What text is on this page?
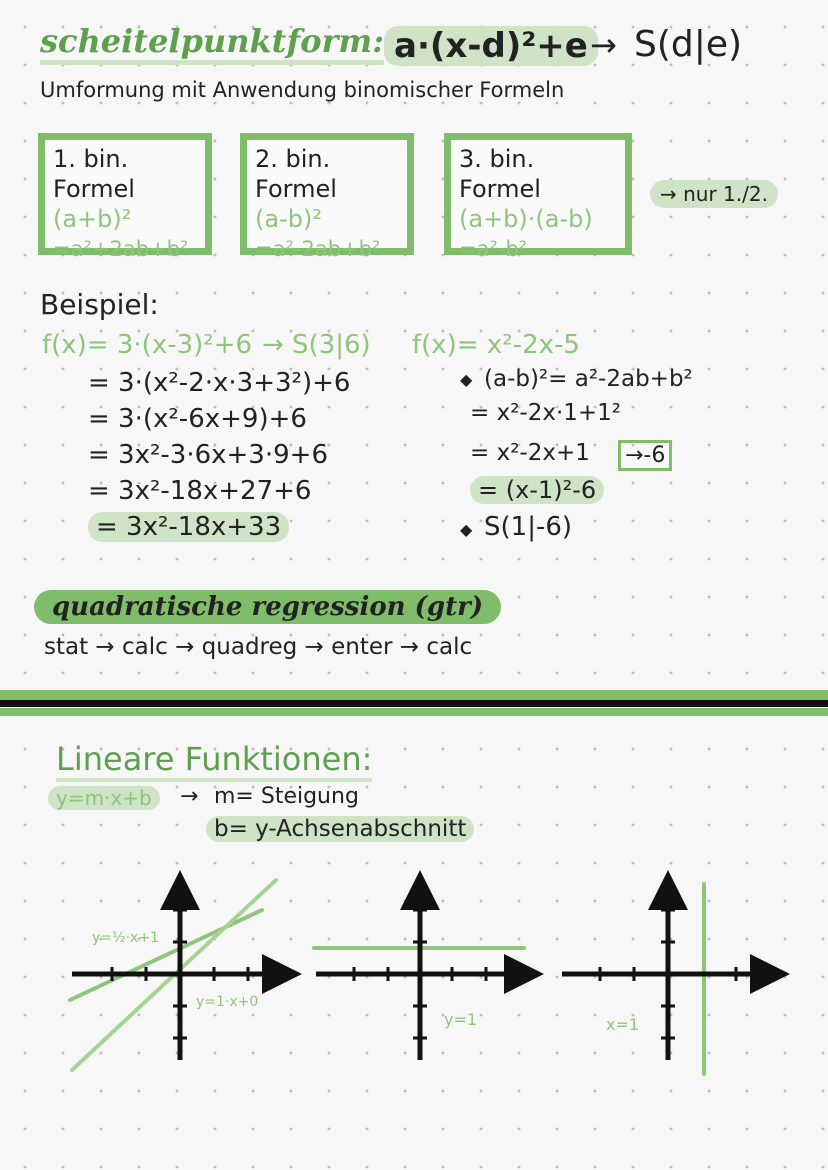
scheitelpunktform: a·(x-d)²+e → S(d|e)
Umformung mit Anwendung binomischer Formeln
1. bin. Formel
(a+b)²
=a²+2ab+b²
2. bin. Formel
(a-b)²
=a²-2ab+b²
3. bin. Formel
(a+b)·(a-b)
=a²-b²
→ nur 1./2.
Beispiel:
f(x)= 3·(x-3)²+6 → S(3|6)
= 3·(x²-2·x·3+3²)+6
= 3·(x²-6x+9)+6
= 3x²-3·6x+3·9+6
= 3x²-18x+27+6
= 3x²-18x+33
f(x)= x²-2x-5
◆ (a-b)²= a²-2ab+b²
= x²-2x·1+1²
= x²-2x+1	→-6
= (x-1)²-6
◆ S(1|-6)
quadratische regression (gtr)
stat → calc → quadreg → enter → calc
Lineare Funktionen:
y=m·x+b	→ m= Steigung
b= y-Achsenabschnitt
y=½·x+1
y=1·x+0
y=1	x=1
